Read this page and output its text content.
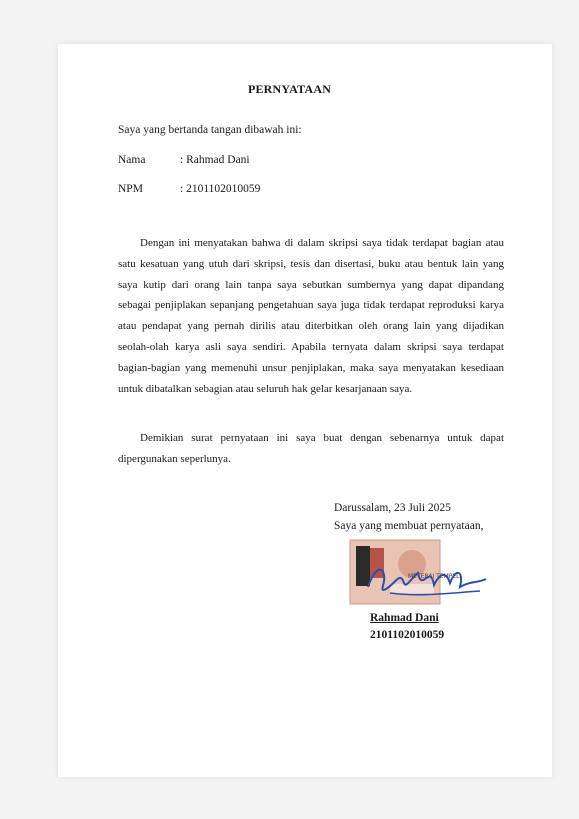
PERNYATAAN
Saya yang bertanda tangan dibawah ini:
Nama	: Rahmad Dani
NPM	: 2101102010059
Dengan ini menyatakan bahwa di dalam skripsi saya tidak terdapat bagian atau satu kesatuan yang utuh dari skripsi, tesis dan disertasi, buku atau bentuk lain yang saya kutip dari orang lain tanpa saya sebutkan sumbernya yang dapat dipandang sebagai penjiplakan sepanjang pengetahuan saya juga tidak terdapat reproduksi karya atau pendapat yang pernah dirilis atau diterbitkan oleh orang lain yang dijadikan seolah-olah karya asli saya sendiri. Apabila ternyata dalam skripsi saya terdapat bagian-bagian yang memenuhi unsur penjiplakan, maka saya menyatakan kesediaan untuk dibatalkan sebagian atau seluruh hak gelar kesarjanaan saya.
Demikian surat pernyataan ini saya buat dengan sebenarnya untuk dapat dipergunakan seperlunya.
Darussalam, 23 Juli 2025
Saya yang membuat pernyataan,
METERAI TEMPEL
Rahmad Dani
2101102010059
